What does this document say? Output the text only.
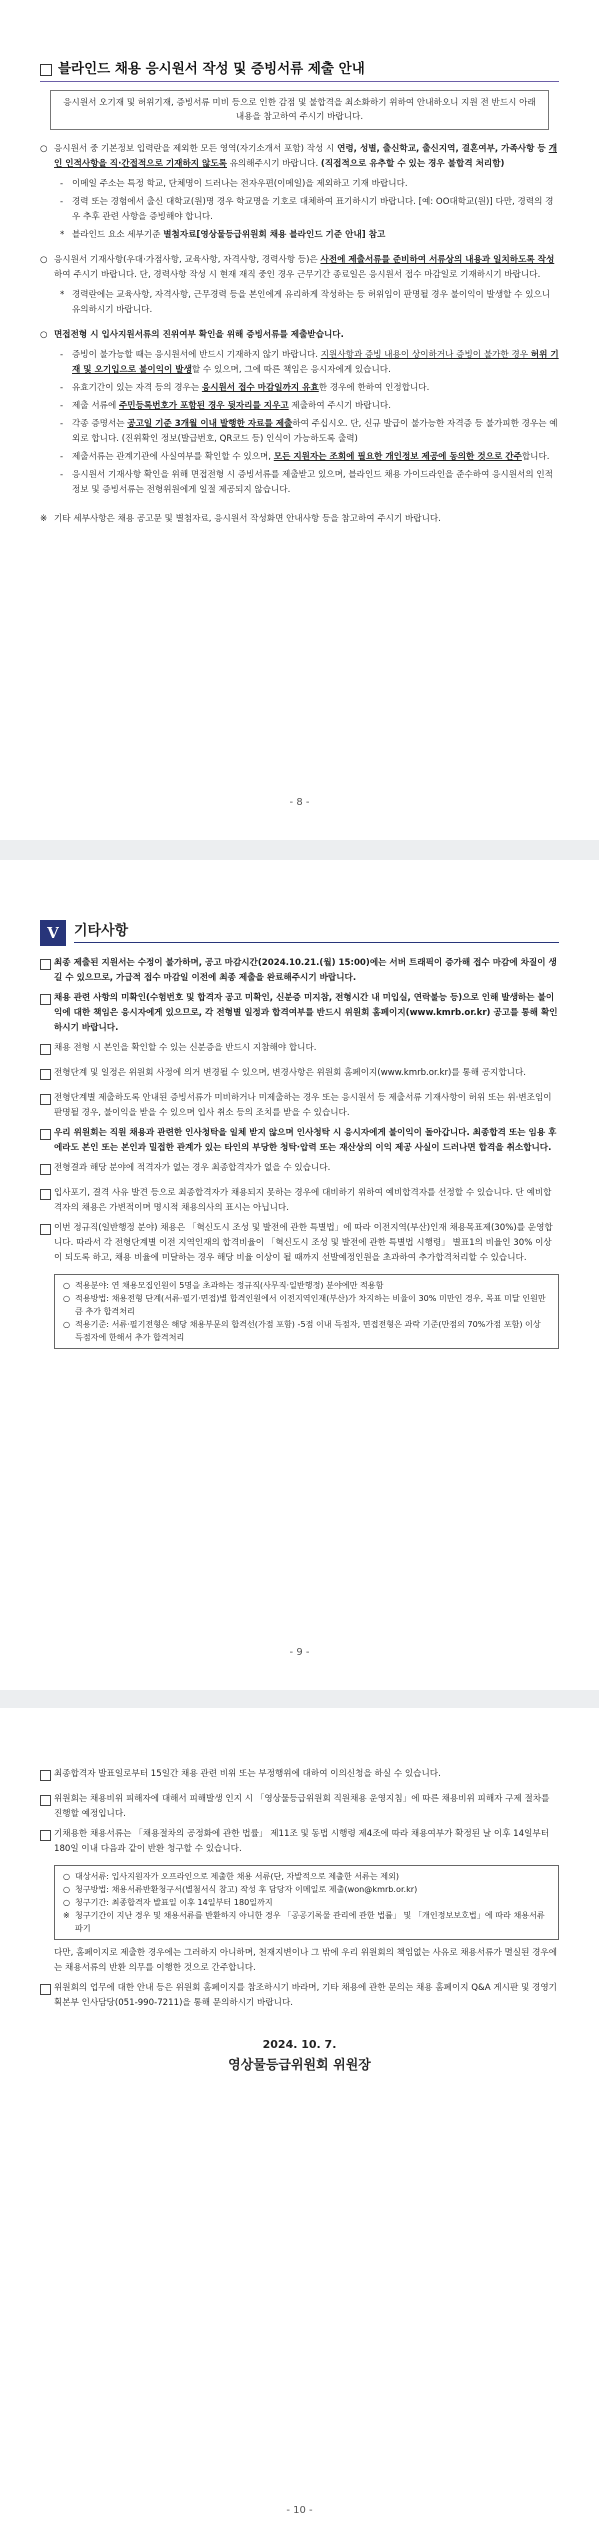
블라인드 채용 응시원서 작성 및 증빙서류 제출 안내
응시원서 오기재 및 허위기재, 증빙서류 미비 등으로 인한 감점 및 불합격을 최소화하기 위하여 안내하오니 지원 전 반드시 아래 내용을 참고하여 주시기 바랍니다.
○ 응시원서 중 기본정보 입력란을 제외한 모든 영역(자기소개서 포함) 작성 시 연령, 성별, 출신학교, 출신지역, 결혼여부, 가족사항 등 개인 인적사항을 직·간접적으로 기재하지 않도록 유의해주시기 바랍니다. (직접적으로 유추할 수 있는 경우 불합격 처리함)
-	이메일 주소는 특정 학교, 단체명이 드러나는 전자우편(이메일)을 제외하고 기재 바랍니다.
-	경력 또는 경험에서 출신 대학교(원)명 경우 학교명을 기호로 대체하여 표기하시기 바랍니다. [예: OO대학교(원)] 다만, 경력의 경우 추후 관련 사항을 증빙해야 합니다.
* 블라인드 요소 세부기준 별첨자료[영상물등급위원회 채용 블라인드 기준 안내] 참고
○ 응시원서 기재사항(우대·가점사항, 교육사항, 자격사항, 경력사항 등)은 사전에 제출서류를 준비하여 서류상의 내용과 일치하도록 작성하여 주시기 바랍니다. 단, 경력사항 작성 시 현재 재직 중인 경우 근무기간 종료일은 응시원서 접수 마감일로 기재하시기 바랍니다.
* 경력란에는 교육사항, 자격사항, 근무경력 등을 본인에게 유리하게 작성하는 등 허위임이 판명될 경우 불이익이 발생할 수 있으니 유의하시기 바랍니다.
○ 면접전형 시 입사지원서류의 진위여부 확인을 위해 증빙서류를 제출받습니다.
-	증빙이 불가능할 때는 응시원서에 반드시 기재하지 않기 바랍니다. 지원사항과 증빙 내용이 상이하거나 증빙이 불가한 경우 허위 기재 및 오기입으로 불이익이 발생할 수 있으며, 그에 따른 책임은 응시자에게 있습니다.
-	유효기간이 있는 자격 등의 경우는 응시원서 접수 마감일까지 유효한 경우에 한하여 인정합니다.
-	제출 서류에 주민등록번호가 포함된 경우 뒷자리를 지우고 제출하여 주시기 바랍니다.
-	각종 증명서는 공고일 기준 3개월 이내 발행한 자료를 제출하여 주십시오. 단, 신규 발급이 불가능한 자격증 등 불가피한 경우는 예외로 합니다. (진위확인 정보(발급번호, QR코드 등) 인식이 가능하도록 출력)
-	제출서류는 관계기관에 사실여부를 확인할 수 있으며, 모든 지원자는 조회에 필요한 개인정보 제공에 동의한 것으로 간주합니다.
-	응시원서 기재사항 확인을 위해 면접전형 시 증빙서류를 제출받고 있으며, 블라인드 채용 가이드라인을 준수하여 응시원서의 인적정보 및 증빙서류는 전형위원에게 일절 제공되지 않습니다.
※ 기타 세부사항은 채용 공고문 및 별첨자료, 응시원서 작성화면 안내사항 등을 참고하여 주시기 바랍니다.
- 8 -
Ⅴ	기타사항
최종 제출된 지원서는 수정이 불가하며, 공고 마감시간(2024.10.21.(월) 15:00)에는 서버 트래픽이 증가해 접수 마감에 차질이 생길 수 있으므로, 가급적 접수 마감일 이전에 최종 제출을 완료해주시기 바랍니다.
채용 관련 사항의 미확인(수험번호 및 합격자 공고 미확인, 신분증 미지참, 전형시간 내 미입실, 연락불능 등)으로 인해 발생하는 불이익에 대한 책임은 응시자에게 있으므로, 각 전형별 일정과 합격여부를 반드시 위원회 홈페이지(www.kmrb.or.kr) 공고를 통해 확인하시기 바랍니다.
채용 전형 시 본인을 확인할 수 있는 신분증을 반드시 지참해야 합니다.
전형단계 및 일정은 위원회 사정에 의거 변경될 수 있으며, 변경사항은 위원회 홈페이지(www.kmrb.or.kr)를 통해 공지합니다.
전형단계별 제출하도록 안내된 증빙서류가 미비하거나 미제출하는 경우 또는 응시원서 등 제출서류 기재사항이 허위 또는 위·변조임이 판명될 경우, 불이익을 받을 수 있으며 입사 취소 등의 조치를 받을 수 있습니다.
우리 위원회는 직원 채용과 관련한 인사청탁을 일체 받지 않으며 인사청탁 시 응시자에게 불이익이 돌아갑니다. 최종합격 또는 임용 후에라도 본인 또는 본인과 밀접한 관계가 있는 타인의 부당한 청탁·압력 또는 재산상의 이익 제공 사실이 드러나면 합격을 취소합니다.
전형결과 해당 분야에 적격자가 없는 경우 최종합격자가 없을 수 있습니다.
입사포기, 결격 사유 발견 등으로 최종합격자가 채용되지 못하는 경우에 대비하기 위하여 예비합격자를 선정할 수 있습니다. 단 예비합격자의 채용은 가변적이며 명시적 채용의사의 표시는 아닙니다.
이번 정규직(일반행정 분야) 채용은 「혁신도시 조성 및 발전에 관한 특별법」에 따라 이전지역(부산)인재 채용목표제(30%)를 운영합니다. 따라서 각 전형단계별 이전 지역인재의 합격비율이 「혁신도시 조성 및 발전에 관한 특별법 시행령」 별표1의 비율인 30% 이상이 되도록 하고, 채용 비율에 미달하는 경우 해당 비율 이상이 될 때까지 선발예정인원을 초과하여 추가합격처리할 수 있습니다.
○ 적용분야: 연 채용모집인원이 5명을 초과하는 정규직(사무직·일반행정) 분야에만 적용함
○ 적용방법: 채용전형 단계(서류·필기·면접)별 합격인원에서 이전지역인재(부산)가 차지하는 비율이 30% 미만인 경우, 목표 미달 인원만큼 추가 합격처리
○ 적용기준: 서류·필기전형은 해당 채용부문의 합격선(가점 포함) -5점 이내 득점자, 면접전형은 과락 기준(만점의 70%가점 포함) 이상 득점자에 한해서 추가 합격처리
- 9 -
최종합격자 발표일로부터 15일간 채용 관련 비위 또는 부정행위에 대하여 이의신청을 하실 수 있습니다.
위원회는 채용비위 피해자에 대해서 피해발생 인지 시 「영상물등급위원회 직원채용 운영지침」에 따른 채용비위 피해자 구제 절차를 진행할 예정입니다.
기채용한 채용서류는 「채용절차의 공정화에 관한 법률」 제11조 및 동법 시행령 제4조에 따라 채용여부가 확정된 날 이후 14일부터 180일 이내 다음과 같이 반환 청구할 수 있습니다.
○ 대상서류: 입사지원자가 오프라인으로 제출한 채용 서류(단, 자발적으로 제출한 서류는 제외)
○ 청구방법: 채용서류반환청구서(별첨서식 참고) 작성 후 담당자 이메일로 제출(won@kmrb.or.kr)
○ 청구기간: 최종합격자 발표일 이후 14일부터 180일까지
※ 청구기간이 지난 경우 및 채용서류를 반환하지 아니한 경우 「공공기록물 관리에 관한 법률」 및 「개인정보보호법」에 따라 채용서류 파기
다만, 홈페이지로 제출한 경우에는 그러하지 아니하며, 천재지변이나 그 밖에 우리 위원회의 책임없는 사유로 채용서류가 멸실된 경우에는 채용서류의 반환 의무를 이행한 것으로 간주합니다.
위원회의 업무에 대한 안내 등은 위원회 홈페이지를 참조하시기 바라며, 기타 채용에 관한 문의는 채용 홈페이지 Q&A 게시판 및 경영기획본부 인사담당(051-990-7211)을 통해 문의하시기 바랍니다.
2024. 10. 7.
영상물등급위원회 위원장
- 10 -
